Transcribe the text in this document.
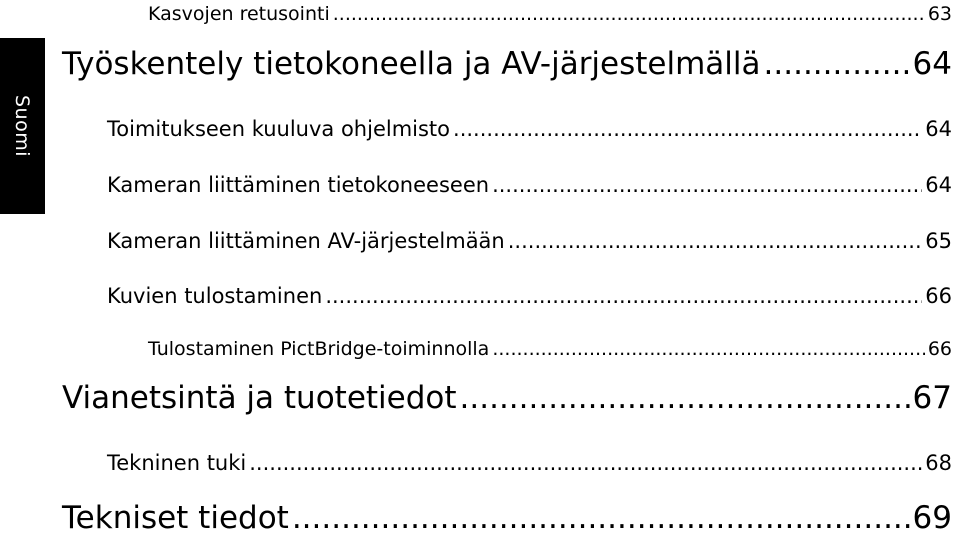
Suomi
Kasvojen retusointi .....	63
Työskentely tietokoneella ja AV-järjestelmällä .....	64
Toimitukseen kuuluva ohjelmisto .....	64
Kameran liittäminen tietokoneeseen .....	64
Kameran liittäminen AV-järjestelmään .....	65
Kuvien tulostaminen .....	66
Tulostaminen PictBridge-toiminnolla .....	66
Vianetsintä ja tuotetiedot .....	67
Tekninen tuki .....	68
Tekniset tiedot .....	69
